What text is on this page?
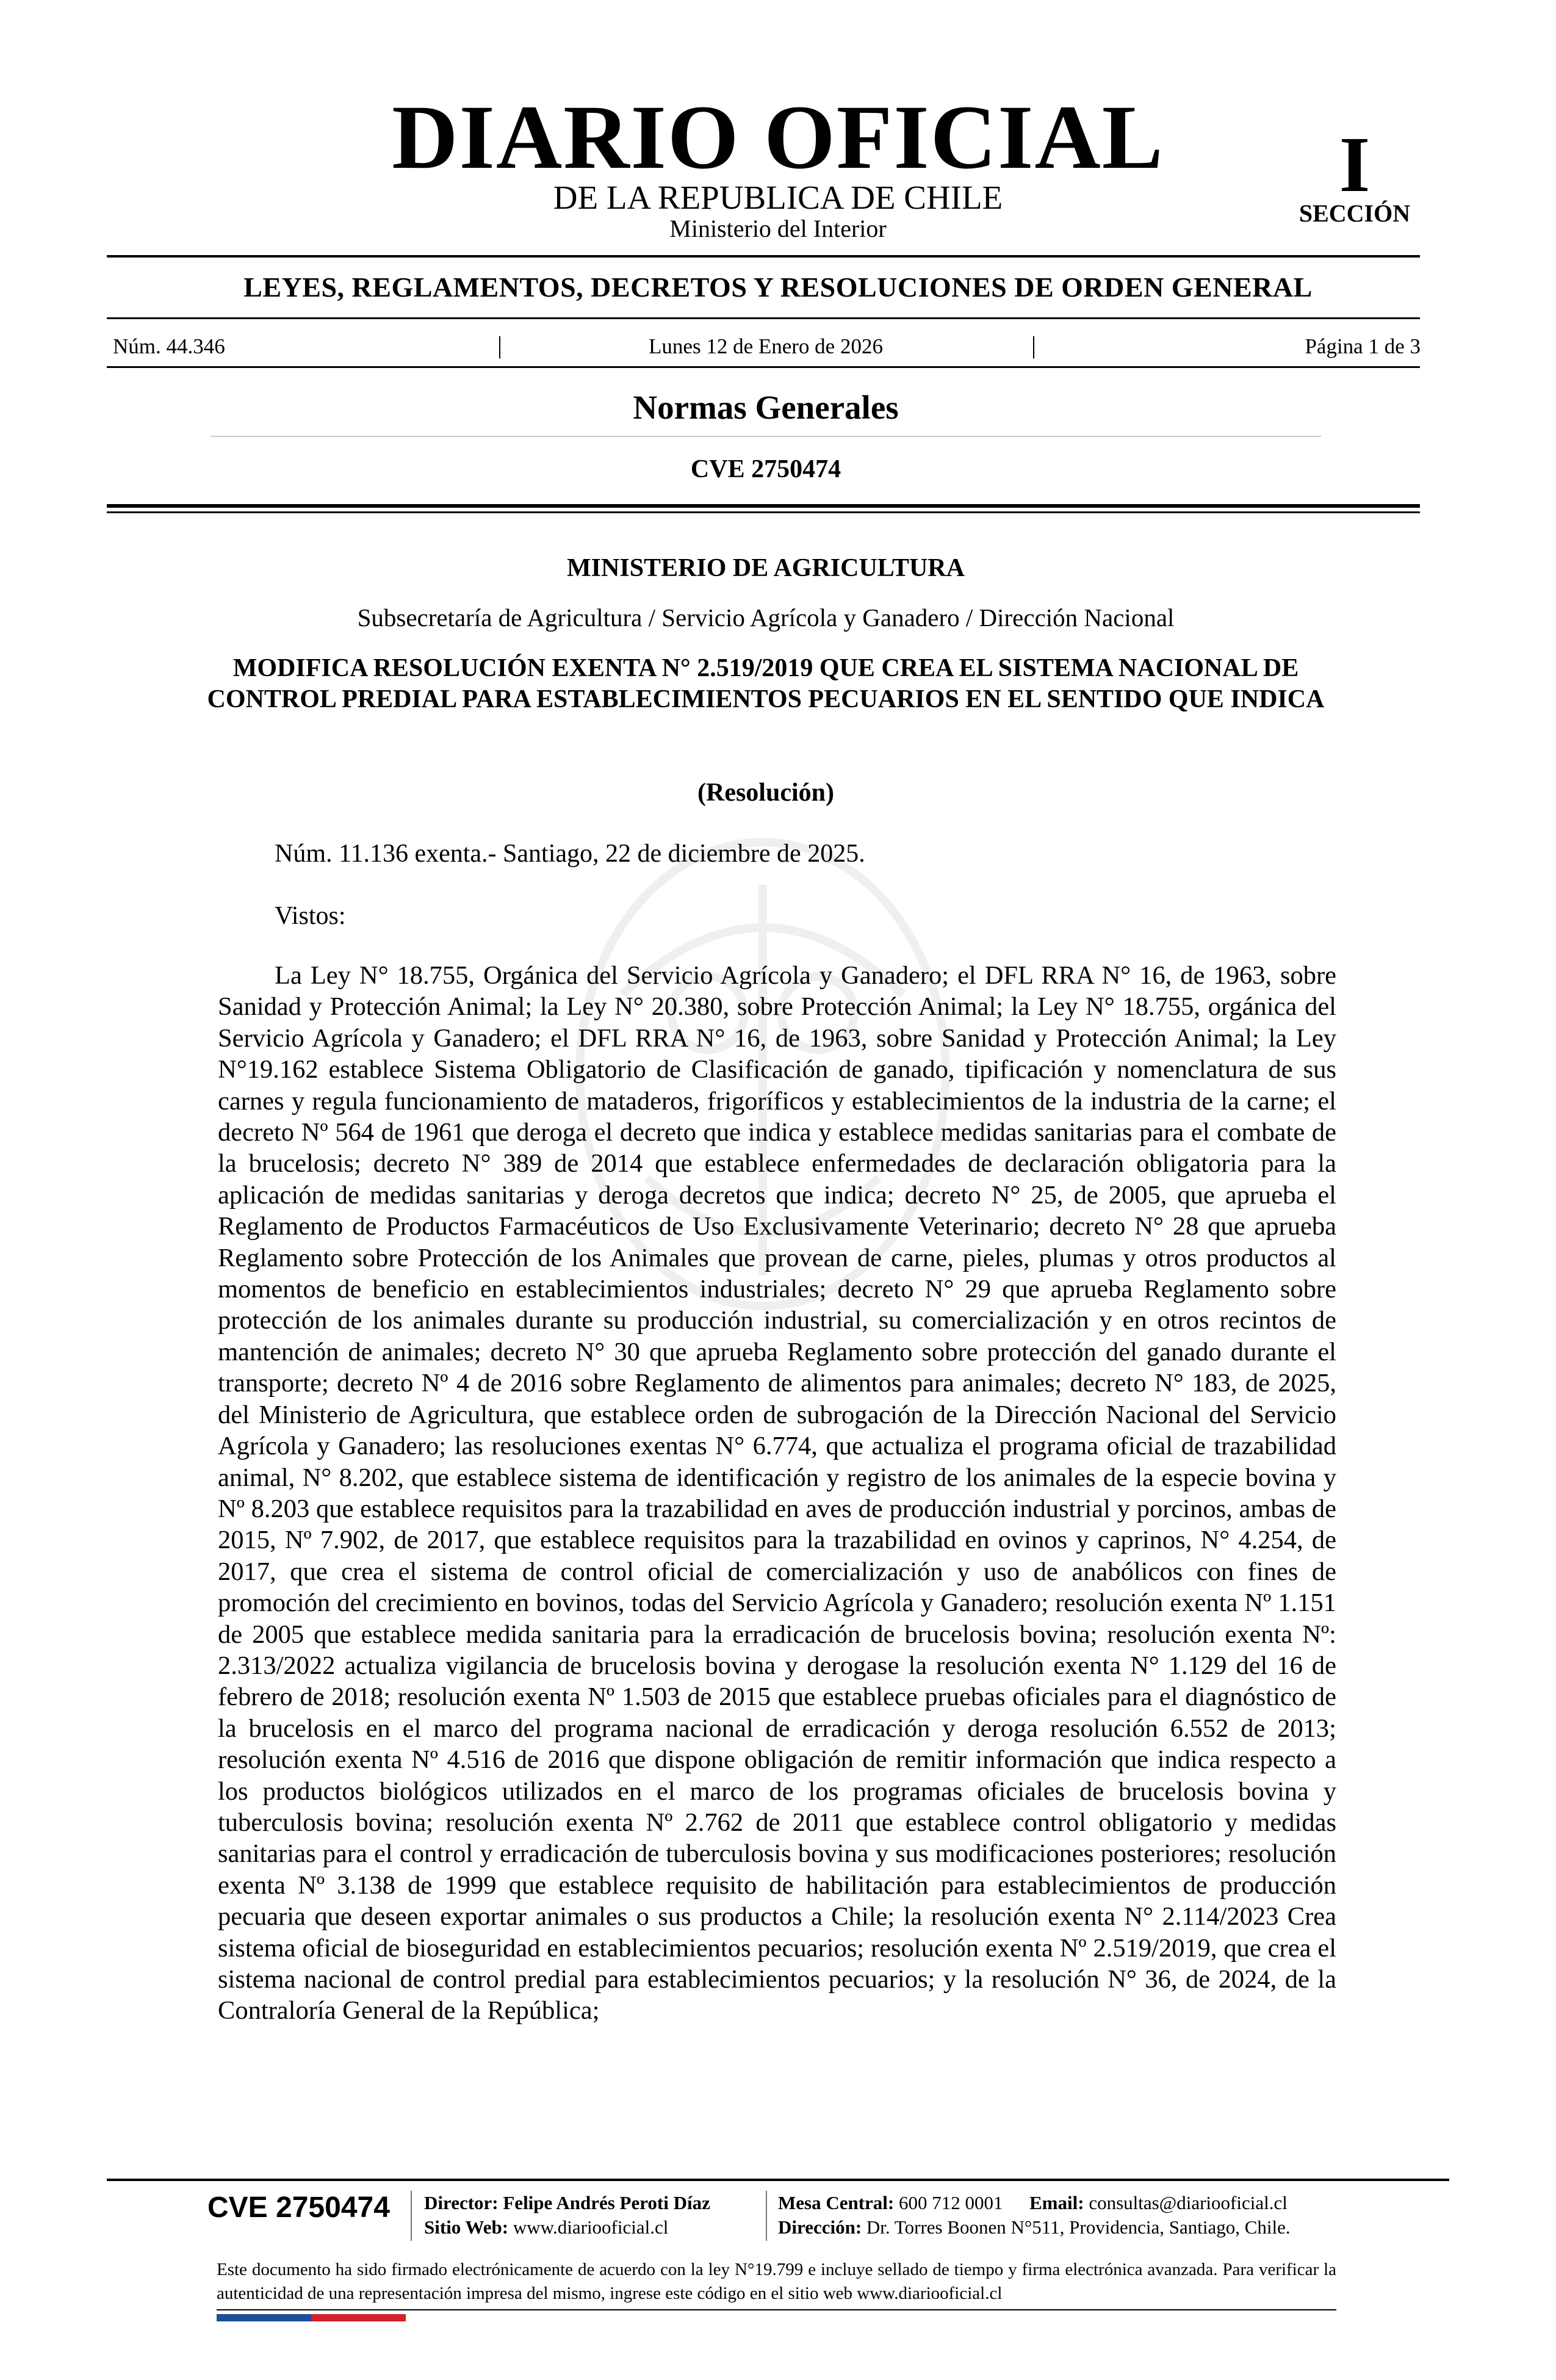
DIARIO OFICIAL
DE LA REPUBLICA DE CHILE
Ministerio del Interior
I
SECCIÓN
LEYES, REGLAMENTOS, DECRETOS Y RESOLUCIONES DE ORDEN GENERAL
Núm. 44.346	|	Lunes 12 de Enero de 2026	|	Página 1 de 3
Normas Generales
CVE 2750474
MINISTERIO DE AGRICULTURA
Subsecretaría de Agricultura / Servicio Agrícola y Ganadero / Dirección Nacional
MODIFICA RESOLUCIÓN EXENTA N° 2.519/2019 QUE CREA EL SISTEMA NACIONAL DE CONTROL PREDIAL PARA ESTABLECIMIENTOS PECUARIOS EN EL SENTIDO QUE INDICA
(Resolución)
Núm. 11.136 exenta.- Santiago, 22 de diciembre de 2025.
Vistos:
La Ley N° 18.755, Orgánica del Servicio Agrícola y Ganadero; el DFL RRA N° 16, de 1963, sobre Sanidad y Protección Animal; la Ley N° 20.380, sobre Protección Animal; la Ley N° 18.755, orgánica del Servicio Agrícola y Ganadero; el DFL RRA N° 16, de 1963, sobre Sanidad y Protección Animal; la Ley N°19.162 establece Sistema Obligatorio de Clasificación de ganado, tipificación y nomenclatura de sus carnes y regula funcionamiento de mataderos, frigoríficos y establecimientos de la industria de la carne; el decreto Nº 564 de 1961 que deroga el decreto que indica y establece medidas sanitarias para el combate de la brucelosis; decreto N° 389 de 2014 que establece enfermedades de declaración obligatoria para la aplicación de medidas sanitarias y deroga decretos que indica; decreto N° 25, de 2005, que aprueba el Reglamento de Productos Farmacéuticos de Uso Exclusivamente Veterinario; decreto N° 28 que aprueba Reglamento sobre Protección de los Animales que provean de carne, pieles, plumas y otros productos al momentos de beneficio en establecimientos industriales; decreto N° 29 que aprueba Reglamento sobre protección de los animales durante su producción industrial, su comercialización y en otros recintos de mantención de animales; decreto N° 30 que aprueba Reglamento sobre protección del ganado durante el transporte; decreto Nº 4 de 2016 sobre Reglamento de alimentos para animales; decreto N° 183, de 2025, del Ministerio de Agricultura, que establece orden de subrogación de la Dirección Nacional del Servicio Agrícola y Ganadero; las resoluciones exentas N° 6.774, que actualiza el programa oficial de trazabilidad animal, N° 8.202, que establece sistema de identificación y registro de los animales de la especie bovina y Nº 8.203 que establece requisitos para la trazabilidad en aves de producción industrial y porcinos, ambas de 2015, Nº 7.902, de 2017, que establece requisitos para la trazabilidad en ovinos y caprinos, N° 4.254, de 2017, que crea el sistema de control oficial de comercialización y uso de anabólicos con fines de promoción del crecimiento en bovinos, todas del Servicio Agrícola y Ganadero; resolución exenta Nº 1.151 de 2005 que establece medida sanitaria para la erradicación de brucelosis bovina; resolución exenta Nº: 2.313/2022 actualiza vigilancia de brucelosis bovina y derogase la resolución exenta N° 1.129 del 16 de febrero de 2018; resolución exenta Nº 1.503 de 2015 que establece pruebas oficiales para el diagnóstico de la brucelosis en el marco del programa nacional de erradicación y deroga resolución 6.552 de 2013; resolución exenta Nº 4.516 de 2016 que dispone obligación de remitir información que indica respecto a los productos biológicos utilizados en el marco de los programas oficiales de brucelosis bovina y tuberculosis bovina; resolución exenta Nº 2.762 de 2011 que establece control obligatorio y medidas sanitarias para el control y erradicación de tuberculosis bovina y sus modificaciones posteriores; resolución exenta Nº 3.138 de 1999 que establece requisito de habilitación para establecimientos de producción pecuaria que deseen exportar animales o sus productos a Chile; la resolución exenta N° 2.114/2023 Crea sistema oficial de bioseguridad en establecimientos pecuarios; resolución exenta Nº 2.519/2019, que crea el sistema nacional de control predial para establecimientos pecuarios; y la resolución N° 36, de 2024, de la Contraloría General de la República;
CVE 2750474 Director: Felipe Andrés Peroti Díaz
Sitio Web: www.diariooficial.cl
Mesa Central: 600 712 0001 Email: consultas@diariooficial.cl
Dirección: Dr. Torres Boonen N°511, Providencia, Santiago, Chile.
Este documento ha sido firmado electrónicamente de acuerdo con la ley N°19.799 e incluye sellado de tiempo y firma electrónica avanzada. Para verificar la autenticidad de una representación impresa del mismo, ingrese este código en el sitio web www.diariooficial.cl
